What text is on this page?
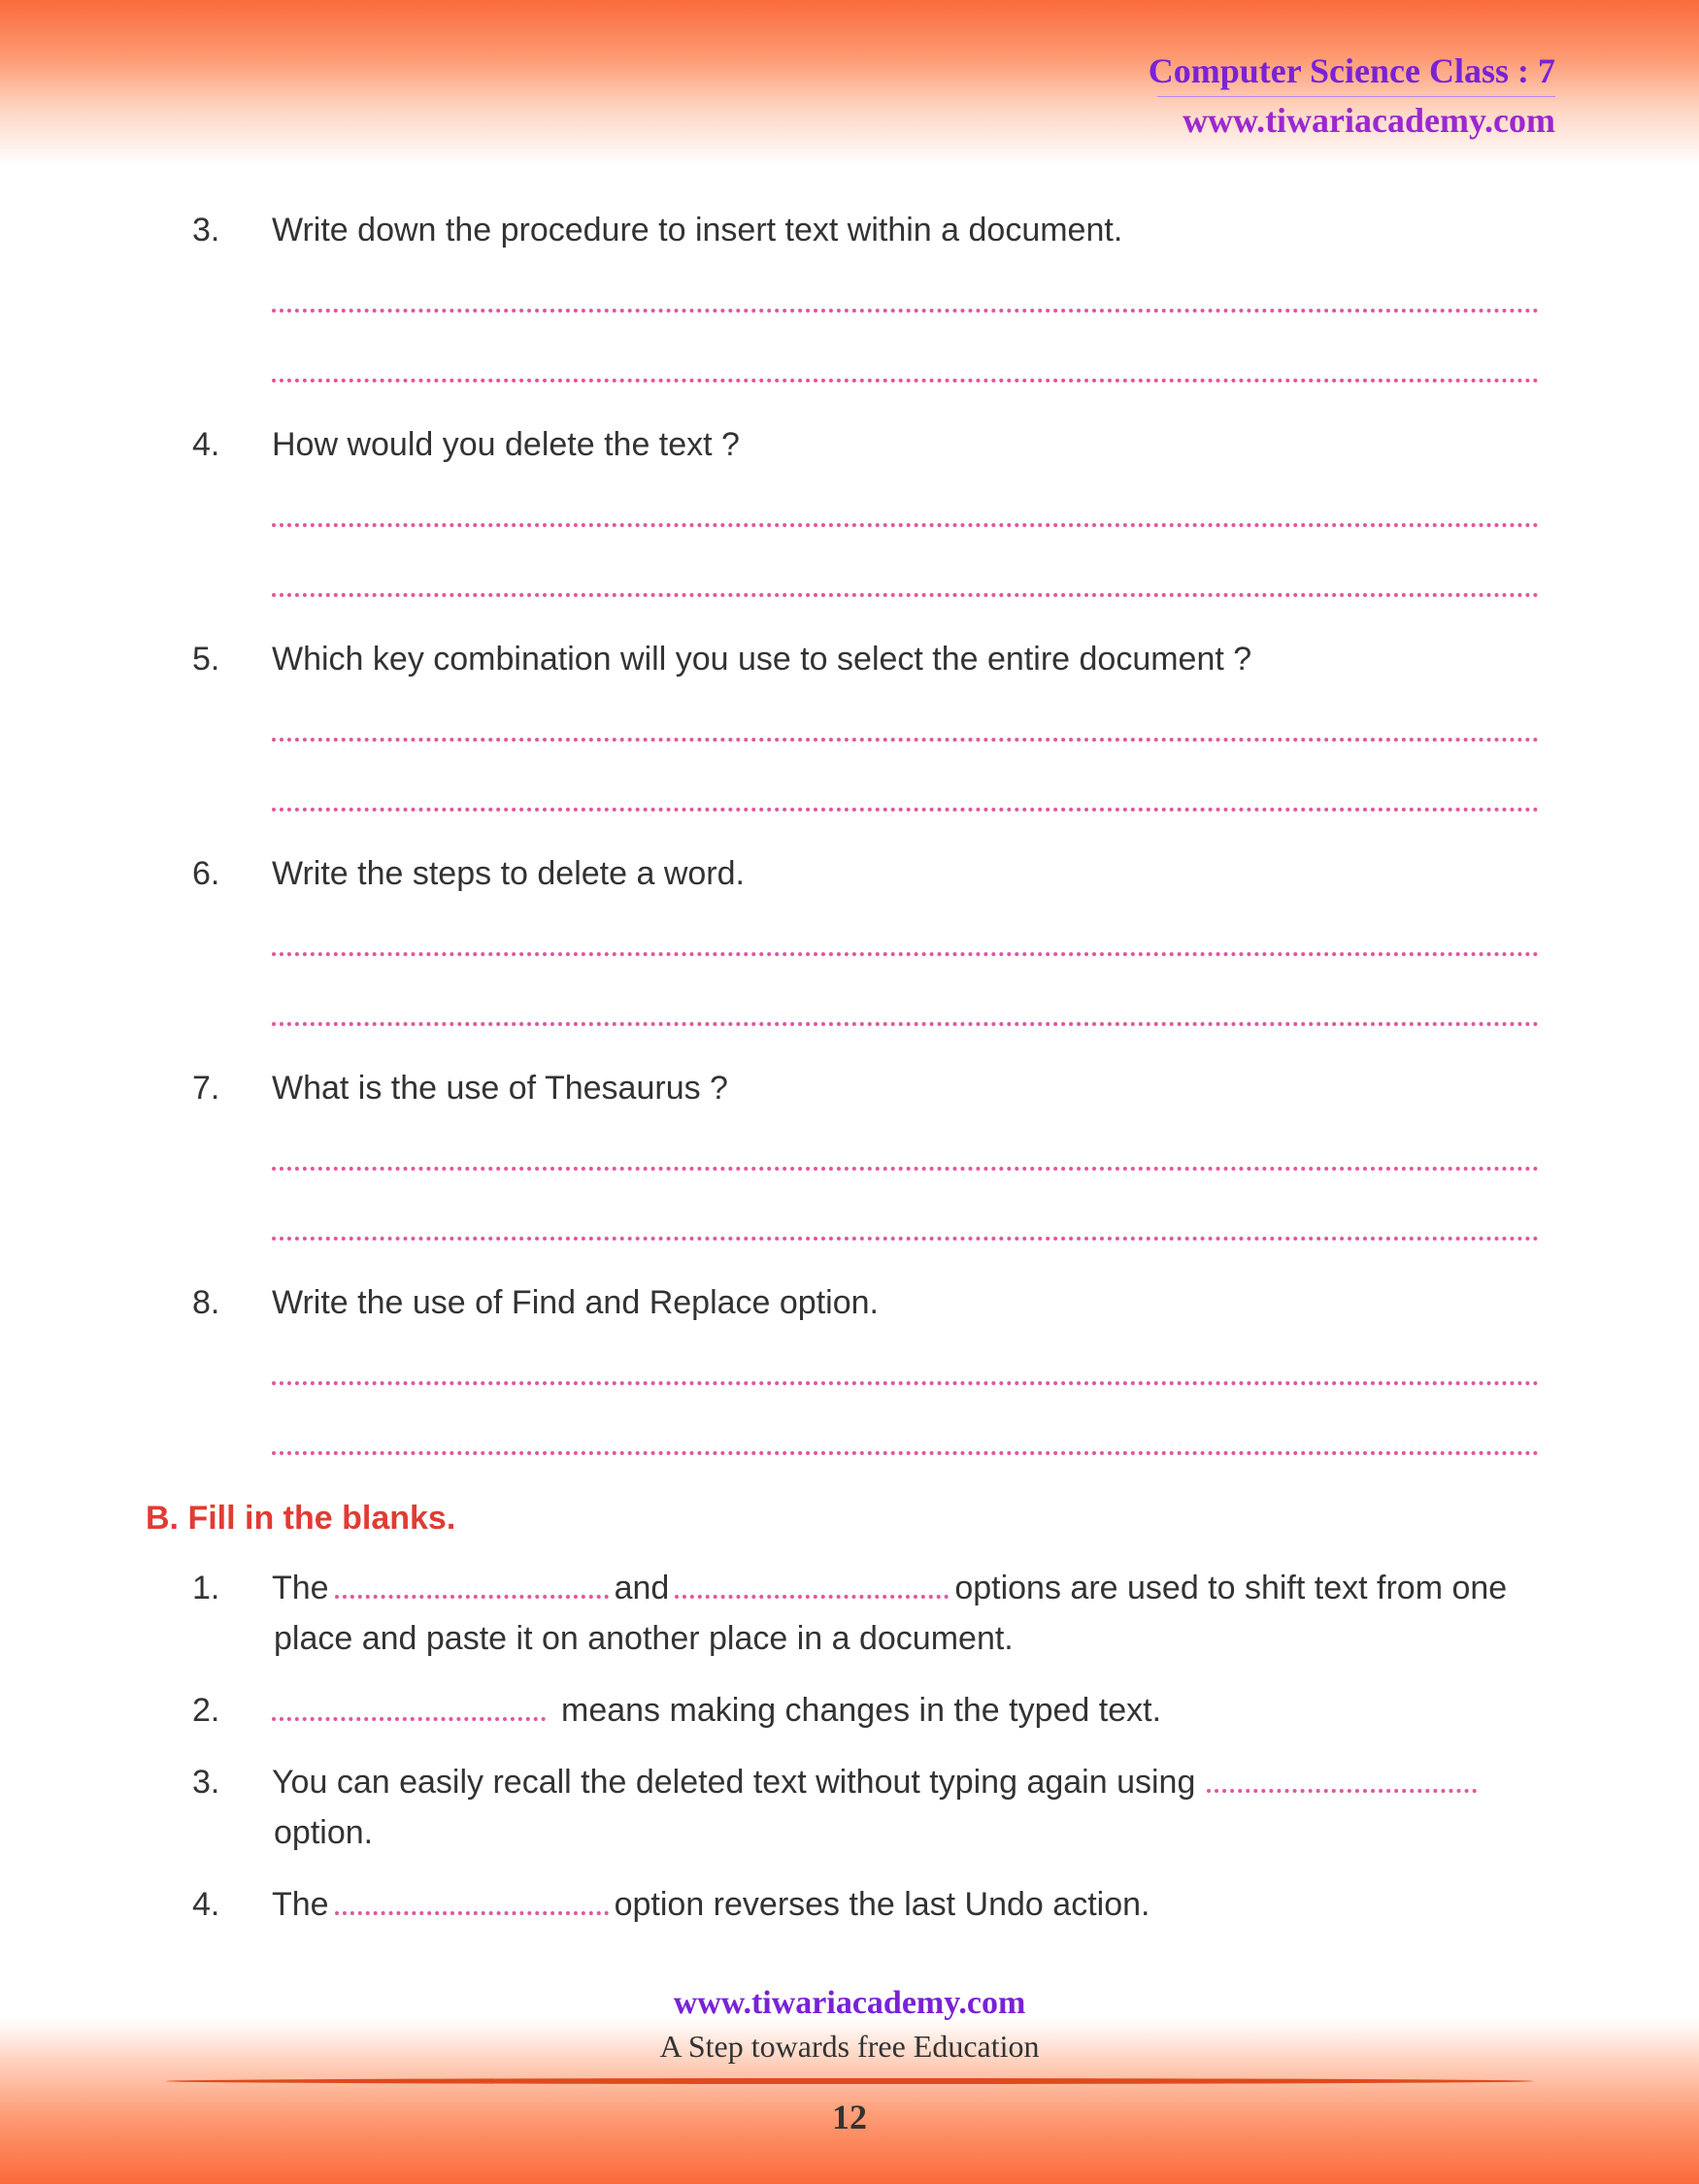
Computer Science Class : 7
www.tiwariacademy.com
3. Write down the procedure to insert text within a document.
4. How would you delete the text ?
5. Which key combination will you use to select the entire document ?
6. Write the steps to delete a word.
7. What is the use of Thesaurus ?
8. Write the use of Find and Replace option.
B. Fill in the blanks.
1. The	and	options are used to shift text from one
place and paste it on another place in a document.
2.	means making changes in the typed text.
3. You can easily recall the deleted text without typing again using
option.
4. The	option reverses the last Undo action.
www.tiwariacademy.com
A Step towards free Education
12
